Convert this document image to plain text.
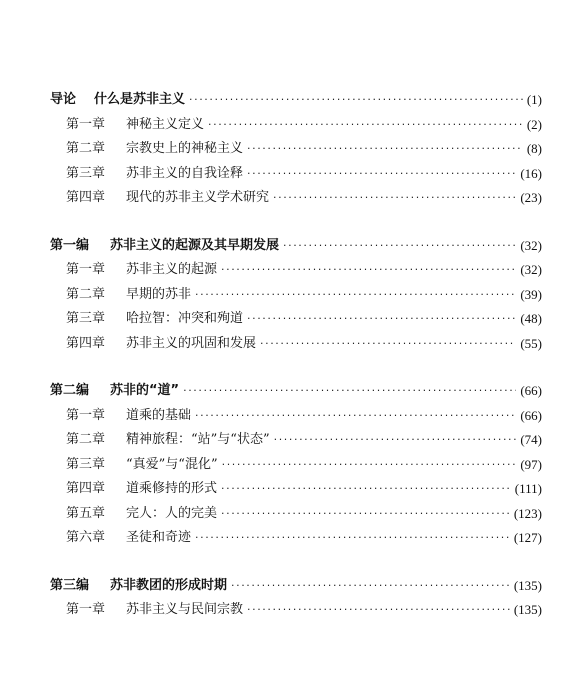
导论	什么是苏非主义 ·····	(1)
第一章	神秘主义定义 ·····	(2)
第二章	宗教史上的神秘主义 ·····	(8)
第三章	苏非主义的自我诠释 ·····	(16)
第四章	现代的苏非主义学术研究 ·····	(23)
第一编	苏非主义的起源及其早期发展 ·····	(32)
第一章	苏非主义的起源 ·····	(32)
第二章	早期的苏非 ·····	(39)
第三章	哈拉智：冲突和殉道 ·····	(48)
第四章	苏非主义的巩固和发展 ·····	(55)
第二编	苏非的“道” ·····	(66)
第一章	道乘的基础 ·····	(66)
第二章	精神旅程：“站”与“状态” ·····	(74)
第三章	“真爱”与“混化” ·····	(97)
第四章	道乘修持的形式 ·····	(111)
第五章	完人：人的完美 ·····	(123)
第六章	圣徒和奇迹 ·····	(127)
第三编	苏非教团的形成时期 ·····	(135)
第一章	苏非主义与民间宗教 ·····	(135)
